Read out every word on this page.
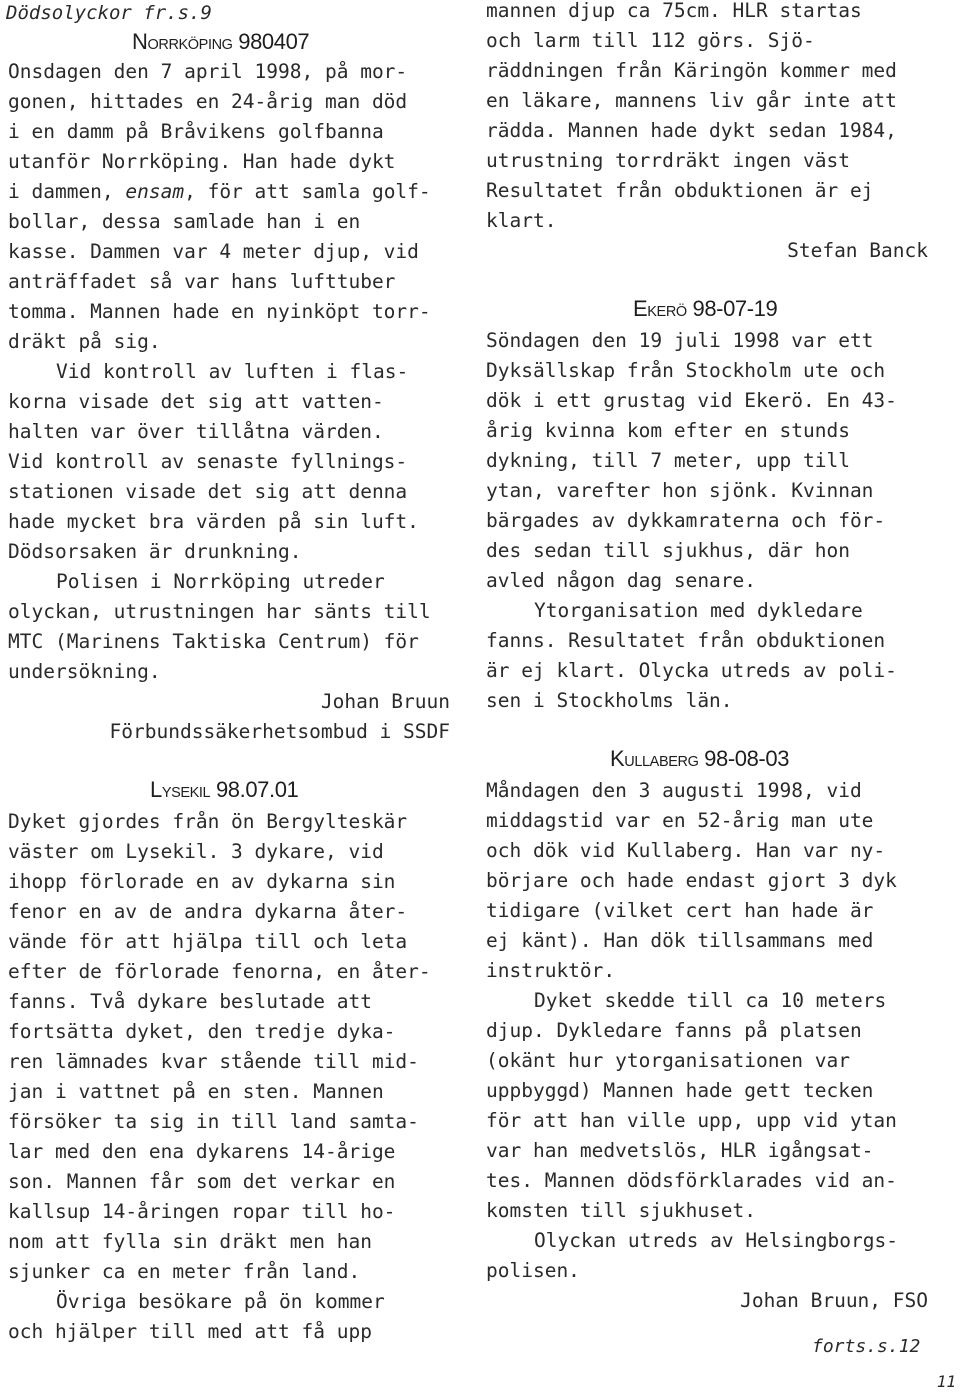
Dödsolyckor fr.s.9
NORRKÖPING 980407
Onsdagen den 7 april 1998, på mor-
gonen, hittades en 24-årig man död
i en damm på Bråvikens golfbanna
utanför Norrköping. Han hade dykt
i dammen, ensam, för att samla golf-
bollar, dessa samlade han i en
kasse. Dammen var 4 meter djup, vid
anträffadet så var hans lufttuber
tomma. Mannen hade en nyinköpt torr-
dräkt på sig.
Vid kontroll av luften i flas-
korna visade det sig att vatten-
halten var över tillåtna värden.
Vid kontroll av senaste fyllnings-
stationen visade det sig att denna
hade mycket bra värden på sin luft.
Dödsorsaken är drunkning.
Polisen i Norrköping utreder
olyckan, utrustningen har sänts till
MTC (Marinens Taktiska Centrum) för
undersökning.
Johan Bruun
Förbundssäkerhetsombud i SSDF
LYSEKIL 98.07.01
Dyket gjordes från ön Bergylteskär
väster om Lysekil. 3 dykare, vid
ihopp förlorade en av dykarna sin
fenor en av de andra dykarna åter-
vände för att hjälpa till och leta
efter de förlorade fenorna, en åter-
fanns. Två dykare beslutade att
fortsätta dyket, den tredje dyka-
ren lämnades kvar stående till mid-
jan i vattnet på en sten. Mannen
försöker ta sig in till land samta-
lar med den ena dykarens 14-årige
son. Mannen får som det verkar en
kallsup 14-åringen ropar till ho-
nom att fylla sin dräkt men han
sjunker ca en meter från land.
Övriga besökare på ön kommer
och hjälper till med att få upp
mannen djup ca 75cm. HLR startas
och larm till 112 görs. Sjö-
räddningen från Käringön kommer med
en läkare, mannens liv går inte att
rädda. Mannen hade dykt sedan 1984,
utrustning torrdräkt ingen väst
Resultatet från obduktionen är ej
klart.
Stefan Banck
EKERÖ 98-07-19
Söndagen den 19 juli 1998 var ett
Dyksällskap från Stockholm ute och
dök i ett grustag vid Ekerö. En 43-
årig kvinna kom efter en stunds
dykning, till 7 meter, upp till
ytan, varefter hon sjönk. Kvinnan
bärgades av dykkamraterna och för-
des sedan till sjukhus, där hon
avled någon dag senare.
Ytorganisation med dykledare
fanns. Resultatet från obduktionen
är ej klart. Olycka utreds av poli-
sen i Stockholms län.
KULLABERG 98-08-03
Måndagen den 3 augusti 1998, vid
middagstid var en 52-årig man ute
och dök vid Kullaberg. Han var ny-
börjare och hade endast gjort 3 dyk
tidigare (vilket cert han hade är
ej känt). Han dök tillsammans med
instruktör.
Dyket skedde till ca 10 meters
djup. Dykledare fanns på platsen
(okänt hur ytorganisationen var
uppbyggd) Mannen hade gett tecken
för att han ville upp, upp vid ytan
var han medvetslös, HLR igångsat-
tes. Mannen dödsförklarades vid an-
komsten till sjukhuset.
Olyckan utreds av Helsingborgs-
polisen.
Johan Bruun, FSO
forts.s.12
11
